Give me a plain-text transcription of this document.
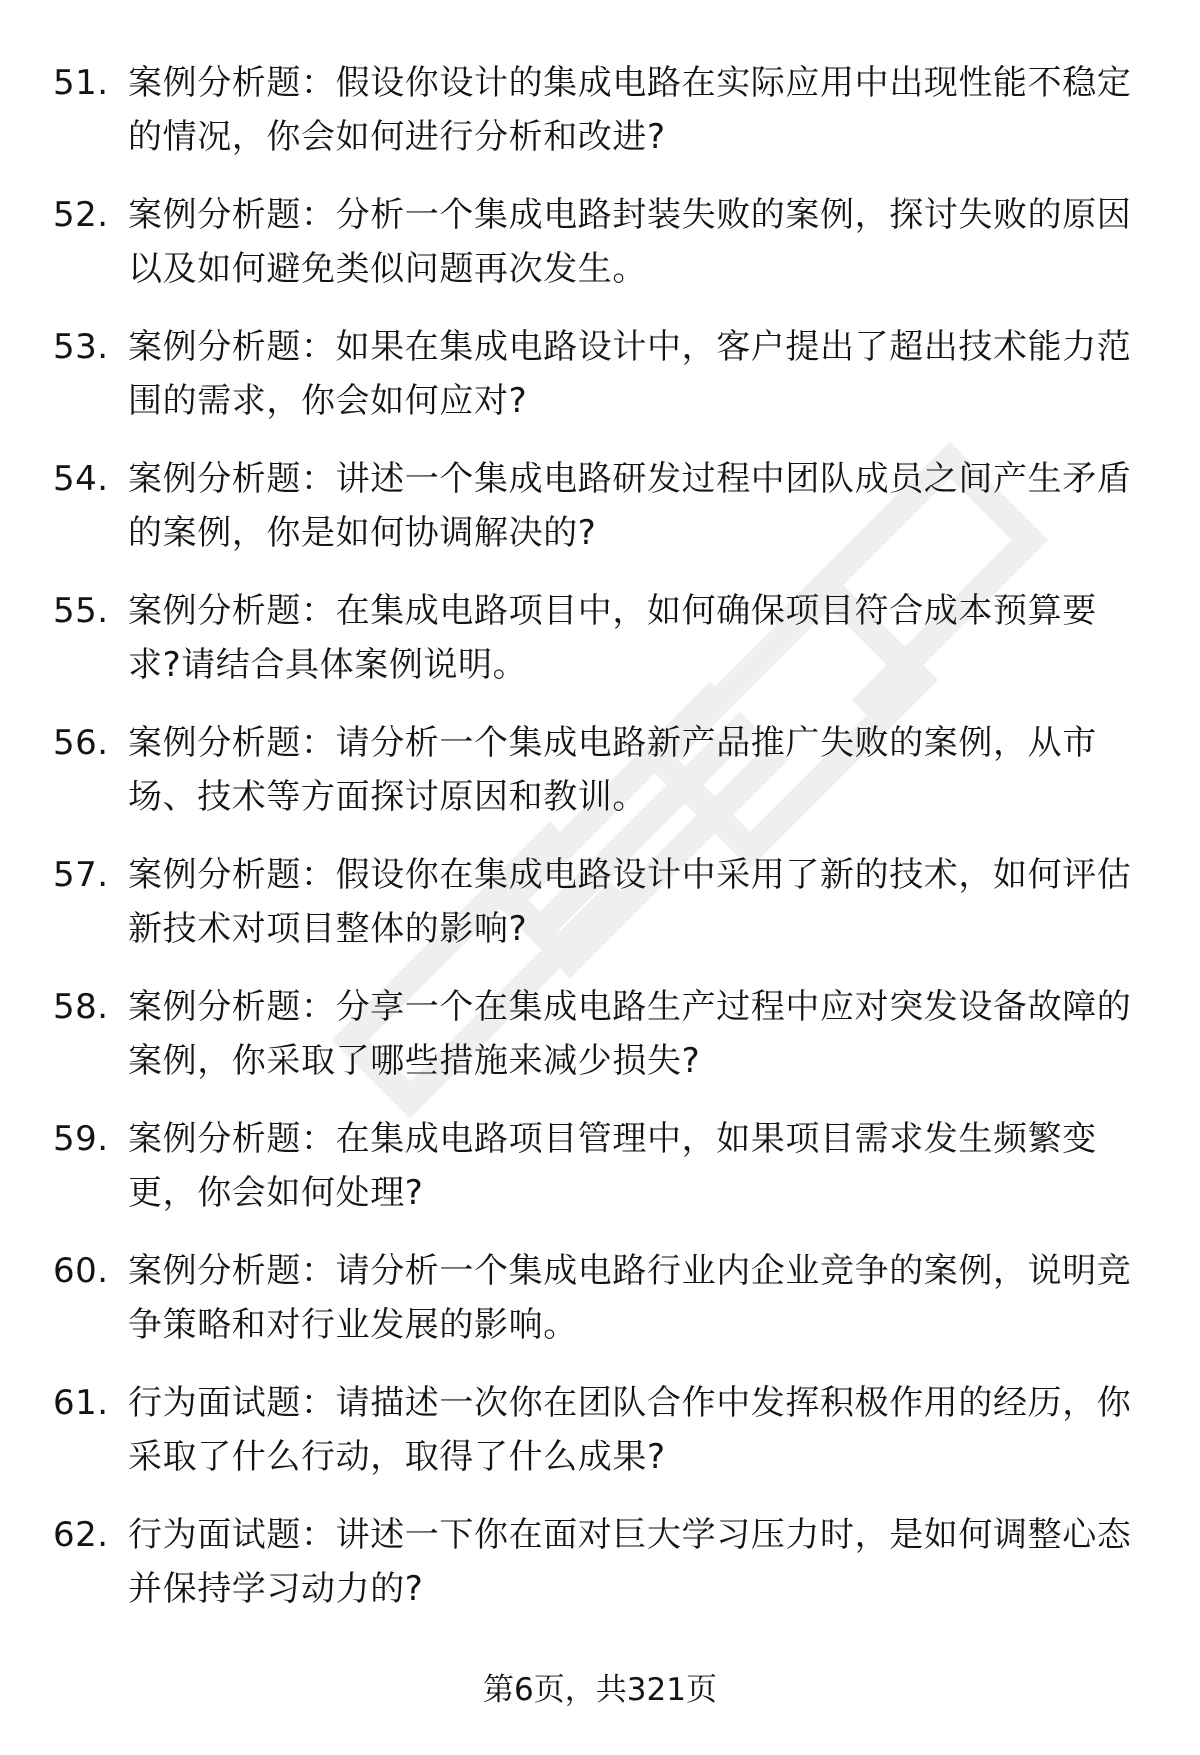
51. 案例分析题：假设你设计的集成电路在实际应用中出现性能不稳定的情况，你会如何进行分析和改进?
52. 案例分析题：分析一个集成电路封装失败的案例，探讨失败的原因以及如何避免类似问题再次发生。
53. 案例分析题：如果在集成电路设计中，客户提出了超出技术能力范围的需求，你会如何应对?
54. 案例分析题：讲述一个集成电路研发过程中团队成员之间产生矛盾的案例，你是如何协调解决的?
55. 案例分析题：在集成电路项目中，如何确保项目符合成本预算要求?请结合具体案例说明。
56. 案例分析题：请分析一个集成电路新产品推广失败的案例，从市场、技术等方面探讨原因和教训。
57. 案例分析题：假设你在集成电路设计中采用了新的技术，如何评估新技术对项目整体的影响?
58. 案例分析题：分享一个在集成电路生产过程中应对突发设备故障的案例，你采取了哪些措施来减少损失?
59. 案例分析题：在集成电路项目管理中，如果项目需求发生频繁变更，你会如何处理?
60. 案例分析题：请分析一个集成电路行业内企业竞争的案例，说明竞争策略和对行业发展的影响。
61. 行为面试题：请描述一次你在团队合作中发挥积极作用的经历，你采取了什么行动，取得了什么成果?
62. 行为面试题：讲述一下你在面对巨大学习压力时，是如何调整心态并保持学习动力的?
第6页，共321页
